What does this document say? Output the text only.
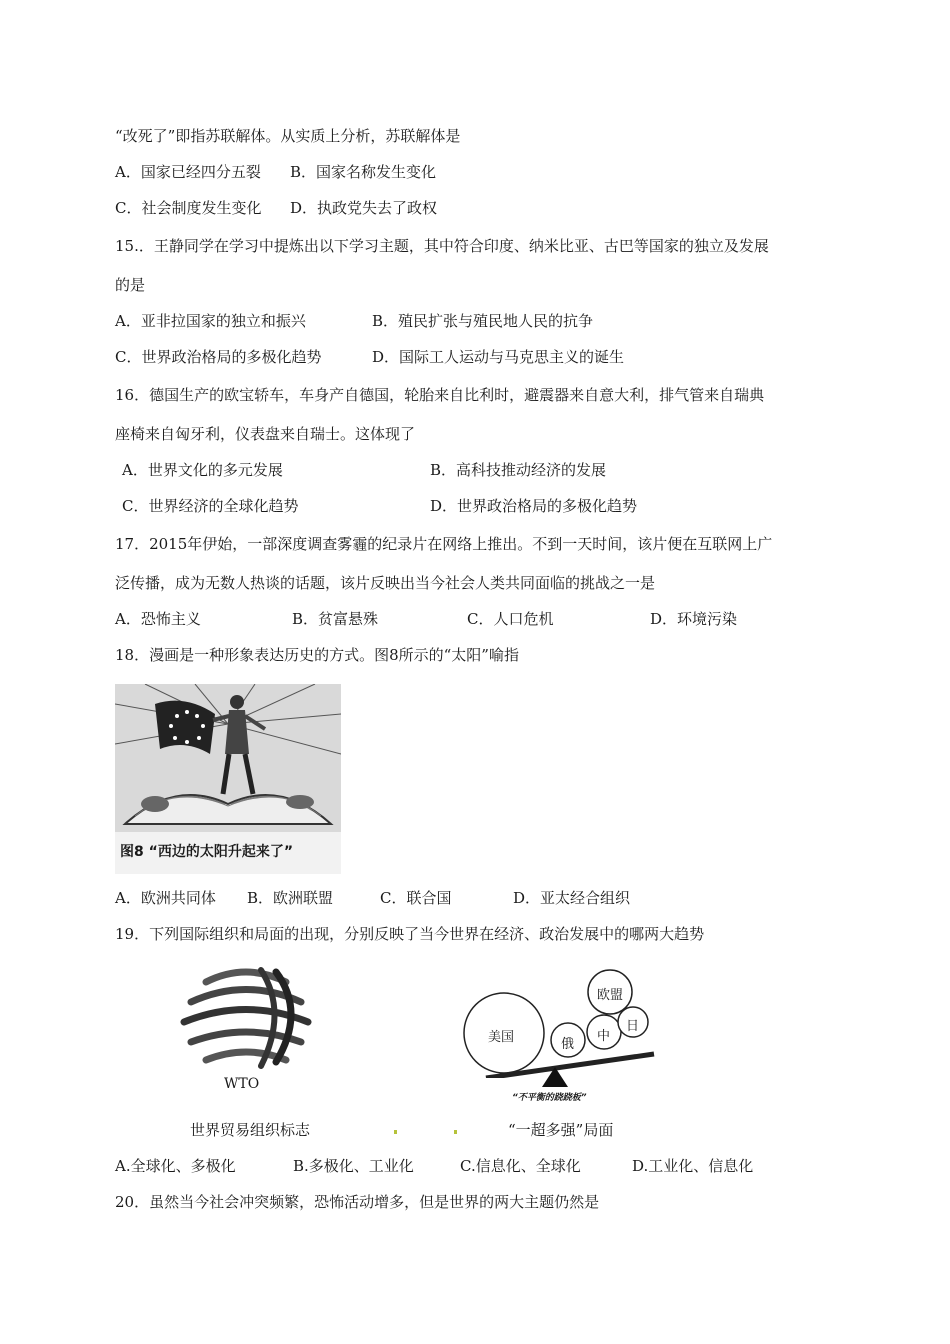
“改死了”即指苏联解体。从实质上分析，苏联解体是
A．国家已经四分五裂 B．国家名称发生变化
C．社会制度发生变化 D．执政党失去了政权
15.．王静同学在学习中提炼出以下学习主题，其中符合印度、纳米比亚、古巴等国家的独立及发展
的是
A．亚非拉国家的独立和振兴	B．殖民扩张与殖民地人民的抗争
C．世界政治格局的多极化趋势	D．国际工人运动与马克思主义的诞生
16．德国生产的欧宝轿车，车身产自德国，轮胎来自比利时，避震器来自意大利，排气管来自瑞典
座椅来自匈牙利，仪表盘来自瑞士。这体现了
A．世界文化的多元发展	B．高科技推动经济的发展
C．世界经济的全球化趋势	D．世界政治格局的多极化趋势
17．2015年伊始，一部深度调查雾霾的纪录片在网络上推出。不到一天时间，该片便在互联网上广
泛传播，成为无数人热谈的话题，该片反映出当今社会人类共同面临的挑战之一是
A．恐怖主义	B．贫富悬殊	C．人口危机	D．环境污染
18．漫画是一种形象表达历史的方式。图8所示的“太阳”喻指
图8 “西边的太阳升起来了”
A．欧洲共同体 B．欧洲联盟	C．联合国	D．亚太经合组织
19．下列国际组织和局面的出现，分别反映了当今世界在经济、政治发展中的哪两大趋势
WTO
世界贸易组织标志
美国	俄
中
欧盟
日
“不平衡的跷跷板”
“一超多强”局面
A.全球化、多极化	B.多极化、工业化	C.信息化、全球化	D.工业化、信息化
20．虽然当今社会冲突频繁，恐怖活动增多，但是世界的两大主题仍然是
